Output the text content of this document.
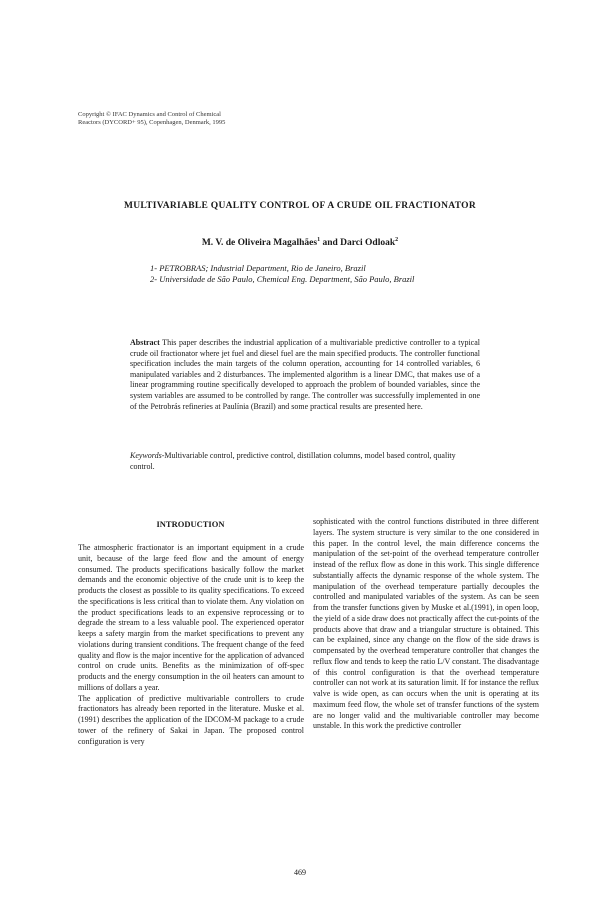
Copyright © IFAC Dynamics and Control of Chemical
Reactors (DYCORD+ 95), Copenhagen, Denmark, 1995
MULTIVARIABLE QUALITY CONTROL OF A CRUDE OIL FRACTIONATOR
M. V. de Oliveira Magalhães$^1$ and Darci Odloak$^2$
1- PETROBRAS; Industrial Department, Rio de Janeiro, Brazil
2- Universidade de São Paulo, Chemical Eng. Department, São Paulo, Brazil
Abstract This paper describes the industrial application of a multivariable predictive controller to a typical crude oil fractionator where jet fuel and diesel fuel are the main specified products. The controller functional specification includes the main targets of the column operation, accounting for 14 controlled variables, 6 manipulated variables and 2 disturbances. The implemented algorithm is a linear DMC, that makes use of a linear programming routine specifically developed to approach the problem of bounded variables, since the system variables are assumed to be controlled by range. The controller was successfully implemented in one of the Petrobrás refineries at Paulínia (Brazil) and some practical results are presented here.
Keywords-Multivariable control, predictive control, distillation columns, model based control, quality control.
INTRODUCTION

The atmospheric fractionator is an important equipment in a crude unit, because of the large feed flow and the amount of energy consumed. The products specifications basically follow the market demands and the economic objective of the crude unit is to keep the products the closest as possible to its quality specifications. To exceed the specifications is less critical than to violate them. Any violation on the product specifications leads to an expensive reprocessing or to degrade the stream to a less valuable pool. The experienced operator keeps a safety margin from the market specifications to prevent any violations during transient conditions. The frequent change of the feed quality and flow is the major incentive for the application of advanced control on crude units. Benefits as the minimization of off-spec products and the energy consumption in the oil heaters can amount to millions of dollars a year.

The application of predictive multivariable controllers to crude fractionators has already been reported in the literature. Muske et al.(1991) describes the application of the IDCOM-M package to a crude tower of the refinery of Sakai in Japan. The proposed control configuration is very

sophisticated with the control functions distributed in three different layers. The system structure is very similar to the one considered in this paper. In the control level, the main difference concerns the manipulation of the set-point of the overhead temperature controller instead of the reflux flow as done in this work. This single difference substantially affects the dynamic response of the whole system. The manipulation of the overhead temperature partially decouples the controlled and manipulated variables of the system. As can be seen from the transfer functions given by Muske et al.(1991), in open loop, the yield of a side draw does not practically affect the cut-points of the products above that draw and a triangular structure is obtained. This can be explained, since any change on the flow of the side draws is compensated by the overhead temperature controller that changes the reflux flow and tends to keep the ratio L/V constant. The disadvantage of this control configuration is that the overhead temperature controller can not work at its saturation limit. If for instance the reflux valve is wide open, as can occurs when the unit is operating at its maximum feed flow, the whole set of transfer functions of the system are no longer valid and the multivariable controller may become unstable. In this work the predictive controller

469
